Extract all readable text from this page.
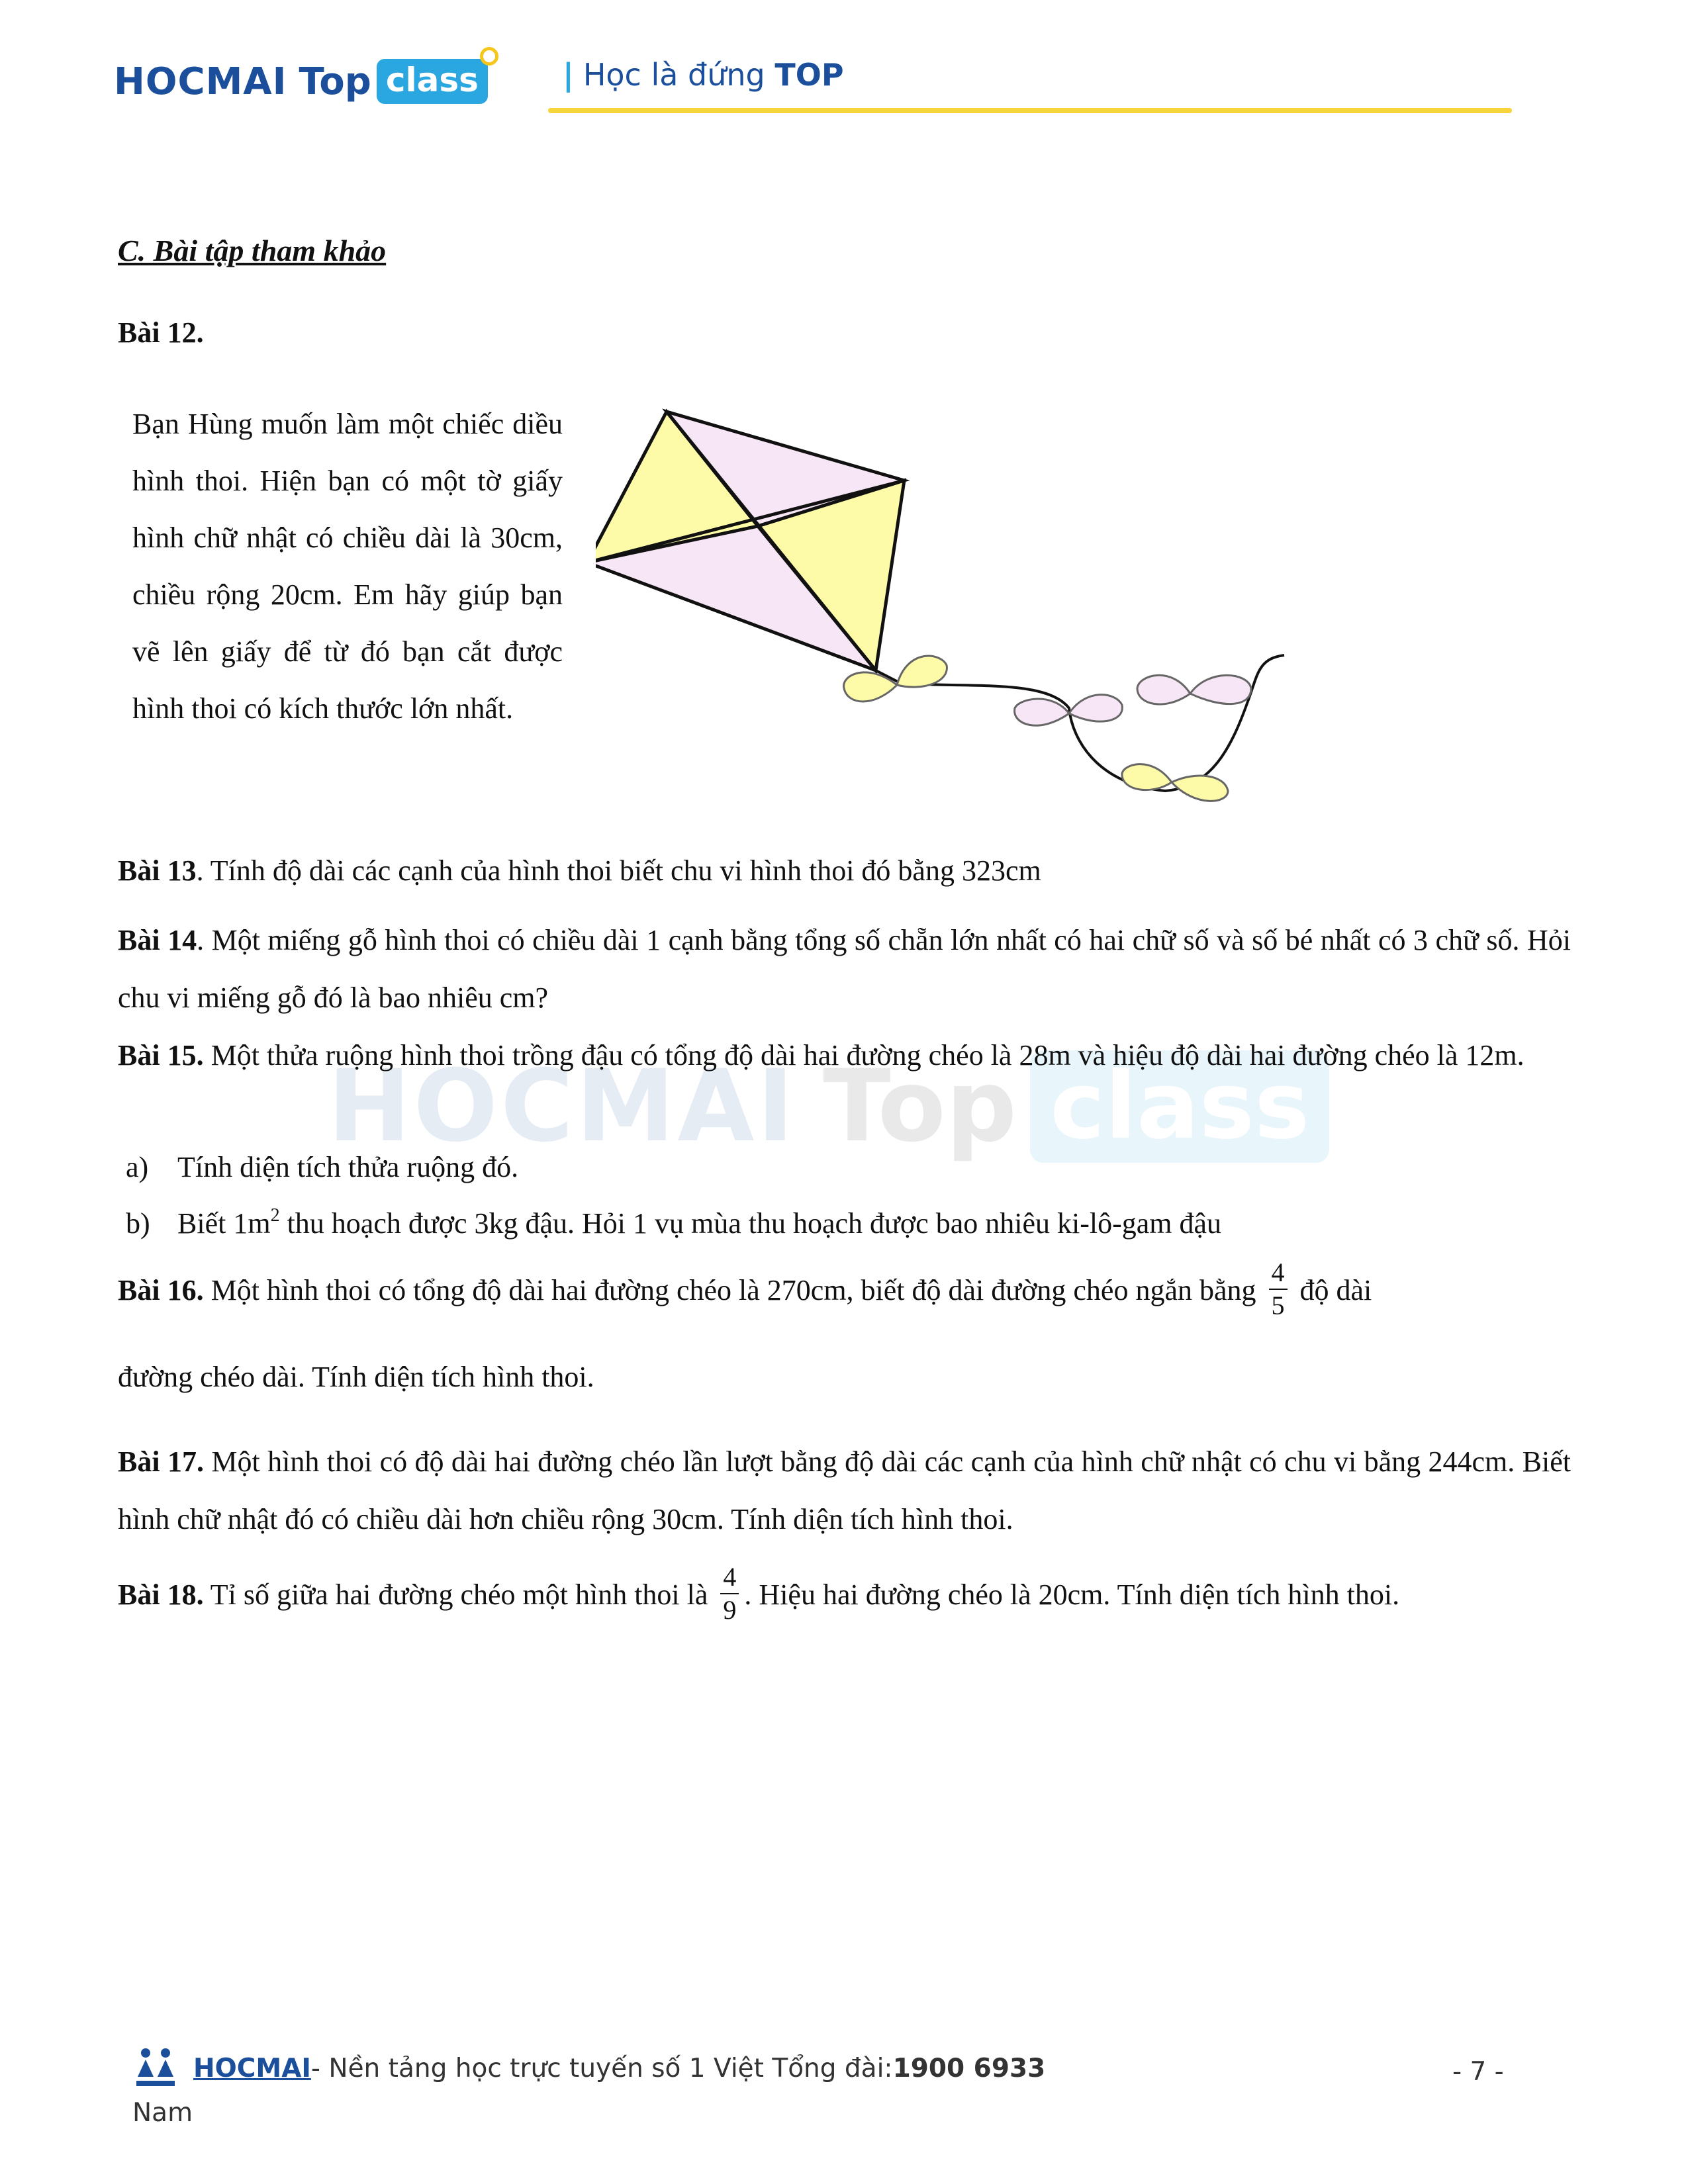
HOCMAI Top class	| Học là đứng TOP
HOCMAI Top class
C. Bài tập tham khảo
Bài 12.
Bạn Hùng muốn làm một chiếc diều hình thoi. Hiện bạn có một tờ giấy hình chữ nhật có chiều dài là 30cm, chiều rộng 20cm. Em hãy giúp bạn vẽ lên giấy để từ đó bạn cắt được hình thoi có kích thước lớn nhất.
Bài 13. Tính độ dài các cạnh của hình thoi biết chu vi hình thoi đó bằng 323cm
Bài 14. Một miếng gỗ hình thoi có chiều dài 1 cạnh bằng tổng số chẵn lớn nhất có hai chữ số và số bé nhất có 3 chữ số. Hỏi chu vi miếng gỗ đó là bao nhiêu cm?
Bài 15. Một thửa ruộng hình thoi trồng đậu có tổng độ dài hai đường chéo là 28m và hiệu độ dài hai đường chéo là 12m.
a) Tính diện tích thửa ruộng đó.
b) Biết $1m^2$ thu hoạch được 3kg đậu. Hỏi 1 vụ mùa thu hoạch được bao nhiêu ki-lô-gam đậu
Bài 16. Một hình thoi có tổng độ dài hai đường chéo là 270cm, biết độ dài đường chéo ngắn bằng $\frac{4}{5}$ độ dài
đường chéo dài. Tính diện tích hình thoi.
Bài 17. Một hình thoi có độ dài hai đường chéo lần lượt bằng độ dài các cạnh của hình chữ nhật có chu vi bằng 244cm. Biết hình chữ nhật đó có chiều dài hơn chiều rộng 30cm. Tính diện tích hình thoi.
Bài 18. Tỉ số giữa hai đường chéo một hình thoi là $\frac{4}{9}$ . Hiệu hai đường chéo là 20cm. Tính diện tích hình thoi.
HOCMAI - Nền tảng học trực tuyến số 1 Việt
Tổng đài: 1900 6933	- 7 -
Nam
